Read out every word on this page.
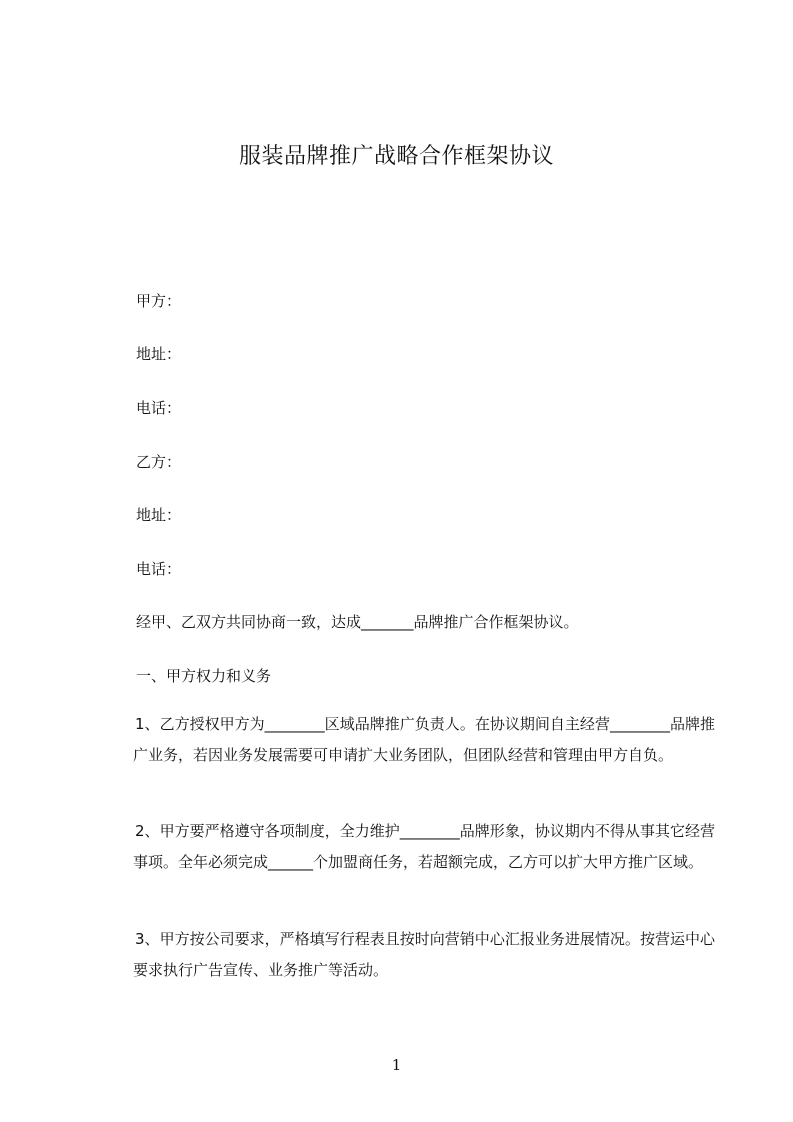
服装品牌推广战略合作框架协议
甲方：
地址：
电话：
乙方：
地址：
电话：
经甲、乙双方共同协商一致，达成_______品牌推广合作框架协议。
一、甲方权力和义务
1、乙方授权甲方为________区域品牌推广负责人。在协议期间自主经营________品牌推广业务，若因业务发展需要可申请扩大业务团队，但团队经营和管理由甲方自负。
2、甲方要严格遵守各项制度，全力维护________品牌形象，协议期内不得从事其它经营事项。全年必须完成______个加盟商任务，若超额完成，乙方可以扩大甲方推广区域。
3、甲方按公司要求，严格填写行程表且按时向营销中心汇报业务进展情况。按营运中心要求执行广告宣传、业务推广等活动。
1
